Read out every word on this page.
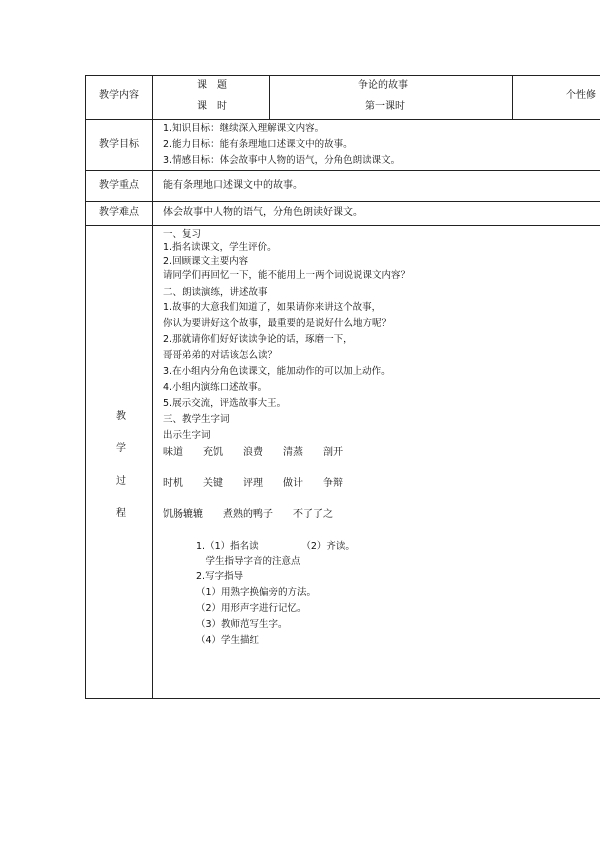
教学内容
课　题
课　时
争论的故事
第一课时
个性修
教学目标
1.知识目标：继续深入理解课文内容。
2.能力目标：能有条理地口述课文中的故事。
3.情感目标：体会故事中人物的语气，分角色朗读课文。
教学重点 能有条理地口述课文中的故事。
教学难点 体会故事中人物的语气，分角色朗读好课文。
教
学
过
程
一、复习
1.指名读课文，学生评价。
2.回顾课文主要内容
请同学们再回忆一下，能不能用上一两个词说说课文内容？
二、朗读演练，讲述故事
1.故事的大意我们知道了，如果请你来讲这个故事，
你认为要讲好这个故事，最重要的是说好什么地方呢？
2.那就请你们好好读读争论的话，琢磨一下，
哥哥弟弟的对话该怎么读？
3.在小组内分角色读课文，能加动作的可以加上动作。
4.小组内演练口述故事。
5.展示交流，评选故事大王。
三、教学生字词
出示生字词
味道 充饥 浪费 清蒸 剖开
时机 关键 评理 做计 争辩
饥肠辘辘 煮熟的鸭子 不了了之
1.（1）指名读　　　　　（2）齐读。
　学生指导字音的注意点
2.写字指导
（1）用熟字换偏旁的方法。
（2）用形声字进行记忆。
（3）教师范写生字。
（4）学生描红
